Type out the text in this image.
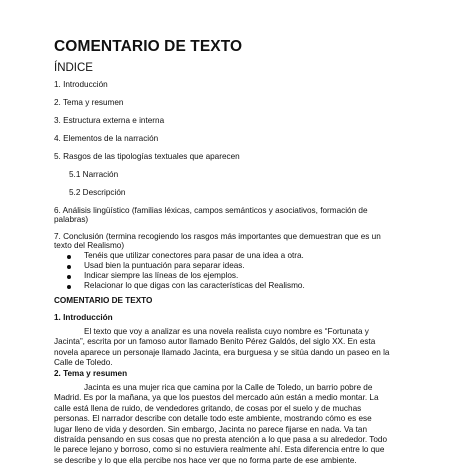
COMENTARIO DE TEXTO
ÍNDICE
1. Introducción
2. Tema y resumen
3. Estructura externa e interna
4. Elementos de la narración
5. Rasgos de las tipologías textuales que aparecen
5.1 Narración
5.2 Descripción
6. Análisis lingüístico (familias léxicas, campos semánticos y asociativos, formación de
palabras)
7. Conclusión (termina recogiendo los rasgos más importantes que demuestran que es un
texto del Realismo)
Tenéis que utilizar conectores para pasar de una idea a otra.
Usad bien la puntuación para separar ideas.
Indicar siempre las líneas de los ejemplos.
Relacionar lo que digas con las características del Realismo.
COMENTARIO DE TEXTO
1. Introducción
El texto que voy a analizar es una novela realista cuyo nombre es “Fortunata y
Jacinta”, escrita por un famoso autor llamado Benito Pérez Galdós, del siglo XX. En esta
novela aparece un personaje llamado Jacinta, era burguesa y se sitúa dando un paseo en la
Calle de Toledo.
2. Tema y resumen
Jacinta es una mujer rica que camina por la Calle de Toledo, un barrio pobre de
Madrid. Es por la mañana, ya que los puestos del mercado aún están a medio montar. La
calle está llena de ruido, de vendedores gritando, de cosas por el suelo y de muchas
personas. El narrador describe con detalle todo este ambiente, mostrando cómo es ese
lugar lleno de vida y desorden. Sin embargo, Jacinta no parece fijarse en nada. Va tan
distraída pensando en sus cosas que no presta atención a lo que pasa a su alrededor. Todo
le parece lejano y borroso, como si no estuviera realmente ahí. Esta diferencia entre lo que
se describe y lo que ella percibe nos hace ver que no forma parte de ese ambiente.
